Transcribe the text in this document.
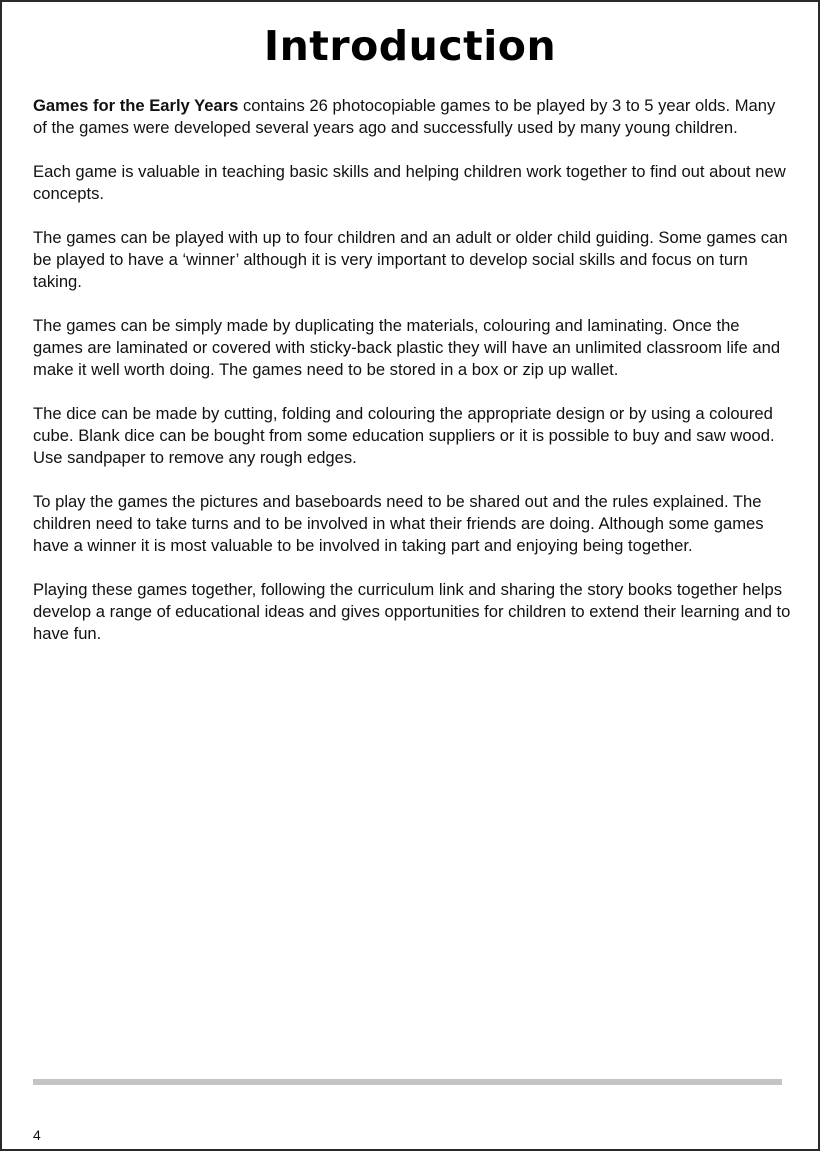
Introduction

Games for the Early Years contains 26 photocopiable games to be played by 3 to 5 year olds. Many of the games were developed several years ago and successfully used by many young children.

Each game is valuable in teaching basic skills and helping children work together to find out about new concepts.

The games can be played with up to four children and an adult or older child guiding. Some games can be played to have a ‘winner’ although it is very important to develop social skills and focus on turn taking.

The games can be simply made by duplicating the materials, colouring and laminating. Once the games are laminated or covered with sticky-back plastic they will have an unlimited classroom life and make it well worth doing. The games need to be stored in a box or zip up wallet.

The dice can be made by cutting, folding and colouring the appropriate design or by using a coloured cube. Blank dice can be bought from some education suppliers or it is possible to buy and saw wood. Use sandpaper to remove any rough edges.

To play the games the pictures and baseboards need to be shared out and the rules explained. The children need to take turns and to be involved in what their friends are doing. Although some games have a winner it is most valuable to be involved in taking part and enjoying being together.

Playing these games together, following the curriculum link and sharing the story books together helps develop a range of educational ideas and gives opportunities for children to extend their learning and to have fun.

4
